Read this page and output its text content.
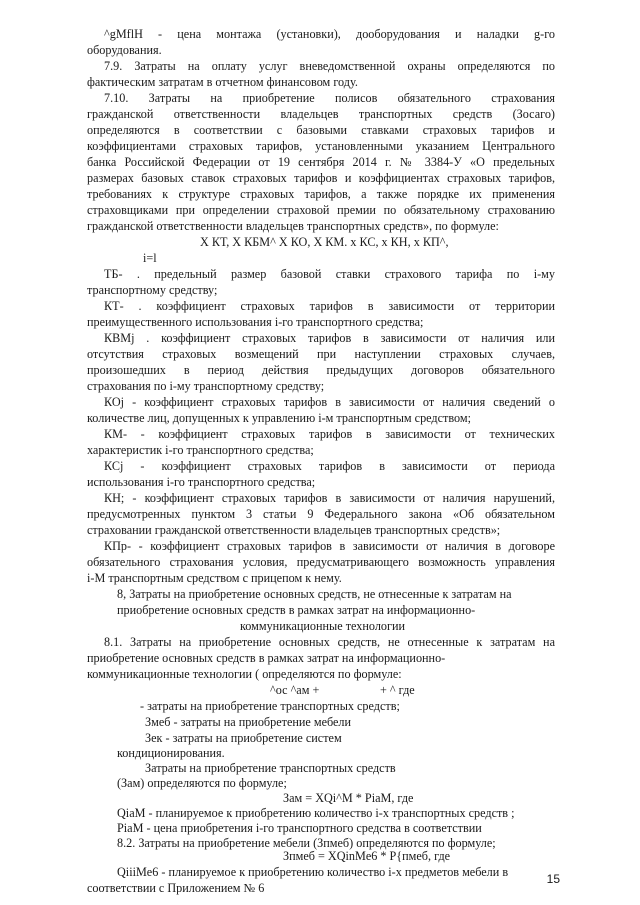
^gMflH - цена монтажа (установки), дооборудования и наладки g-го
оборудования.
7.9. Затраты на оплату услуг вневедомственной охраны определяются по
фактическим затратам в отчетном финансовом году.
7.10. Затраты на приобретение полисов обязательного страхования
гражданской ответственности владельцев транспортных средств (Зосаго)
определяются в соответствии с базовыми ставками страховых тарифов и
коэффициентами страховых тарифов, установленными указанием Центрального
банка Российской Федерации от 19 сентября 2014 г. № 3384-У «О предельных
размерах базовых ставок страховых тарифов и коэффициентах страховых тарифов,
требованиях к структуре страховых тарифов, а также порядке их применения
страховщиками при определении страховой премии по обязательному страхованию
гражданской ответственности владельцев транспортных средств», по формуле:
X КТ, X КБМ^ X КО, X КМ. х КС, х КН, х КП^,
i=l
ТБ- . предельный размер базовой ставки страхового тарифа по i-му
транспортному средству;
КТ- . коэффициент страховых тарифов в зависимости от территории
преимущественного использования i-го транспортного средства;
КВМj . коэффициент страховых тарифов в зависимости от наличия или
отсутствия страховых возмещений при наступлении страховых случаев,
произошедших в период действия предыдущих договоров обязательного
страхования по i-му транспортному средству;
КОj - коэффициент страховых тарифов в зависимости от наличия сведений о
количестве лиц, допущенных к управлению i-м транспортным средством;
КМ- - коэффициент страховых тарифов в зависимости от технических
характеристик i-го транспортного средства;
КСj - коэффициент страховых тарифов в зависимости от периода
использования i-го транспортного средства;
КН; - коэффициент страховых тарифов в зависимости от наличия нарушений,
предусмотренных пунктом 3 статьи 9 Федерального закона «Об обязательном
страховании гражданской ответственности владельцев транспортных средств»;
КПр- - коэффициент страховых тарифов в зависимости от наличия в договоре
обязательного страхования условия, предусматривающего возможность управления
i-M транспортным средством с прицепом к нему.
8, Затраты на приобретение основных средств, не отнесенные к затратам на
приобретение основных средств в рамках затрат на информационно-
коммуникационные технологии
8.1. Затраты на приобретение основных средств, не отнесенные к затратам на
приобретение основных средств в рамках затрат на информационно-
коммуникационные технологии ( определяются по формуле:
^ос ^ам +	+ ^ где
- затраты на приобретение транспортных средств;
Змеб - затраты на приобретение мебели
Зек - затраты на приобретение систем
кондиционирования.
Затраты на приобретение транспортных средств
(Зам) определяются по формуле;
Зам = XQi^M * PiaM, где
QiaM - планируемое к приобретению количество i-x транспортных средств ;
PiaM - цена приобретения i-го транспортного средства в соответствии
Зпмеб = XQinMe6 * P{пмеб, где
QiiiMe6 - планируемое к приобретению количество i-x предметов мебели в
соответствии с Приложением № 6
8.2. Затраты на приобретение мебели (Зпмеб) определяются по формуле;
15
